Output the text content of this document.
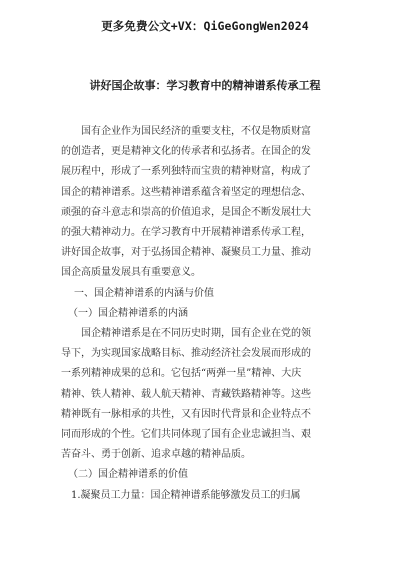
更多免费公文+VX：QiGeGongWen2024
讲好国企故事：学习教育中的精神谱系传承工程

国有企业作为国民经济的重要支柱，不仅是物质财富

的创造者，更是精神文化的传承者和弘扬者。在国企的发

展历程中，形成了一系列独特而宝贵的精神财富，构成了

国企的精神谱系。这些精神谱系蕴含着坚定的理想信念、

顽强的奋斗意志和崇高的价值追求，是国企不断发展壮大

的强大精神动力。在学习教育中开展精神谱系传承工程，

讲好国企故事，对于弘扬国企精神、凝聚员工力量、推动

国企高质量发展具有重要意义。

一、国企精神谱系的内涵与价值

（一）国企精神谱系的内涵

国企精神谱系是在不同历史时期，国有企业在党的领

导下，为实现国家战略目标、推动经济社会发展而形成的

一系列精神成果的总和。它包括“两弹一星”精神、大庆

精神、铁人精神、载人航天精神、青藏铁路精神等。这些

精神既有一脉相承的共性，又有因时代背景和企业特点不

同而形成的个性。它们共同体现了国有企业忠诚担当、艰

苦奋斗、勇于创新、追求卓越的精神品质。

（二）国企精神谱系的价值

1.凝聚员工力量：国企精神谱系能够激发员工的归属
